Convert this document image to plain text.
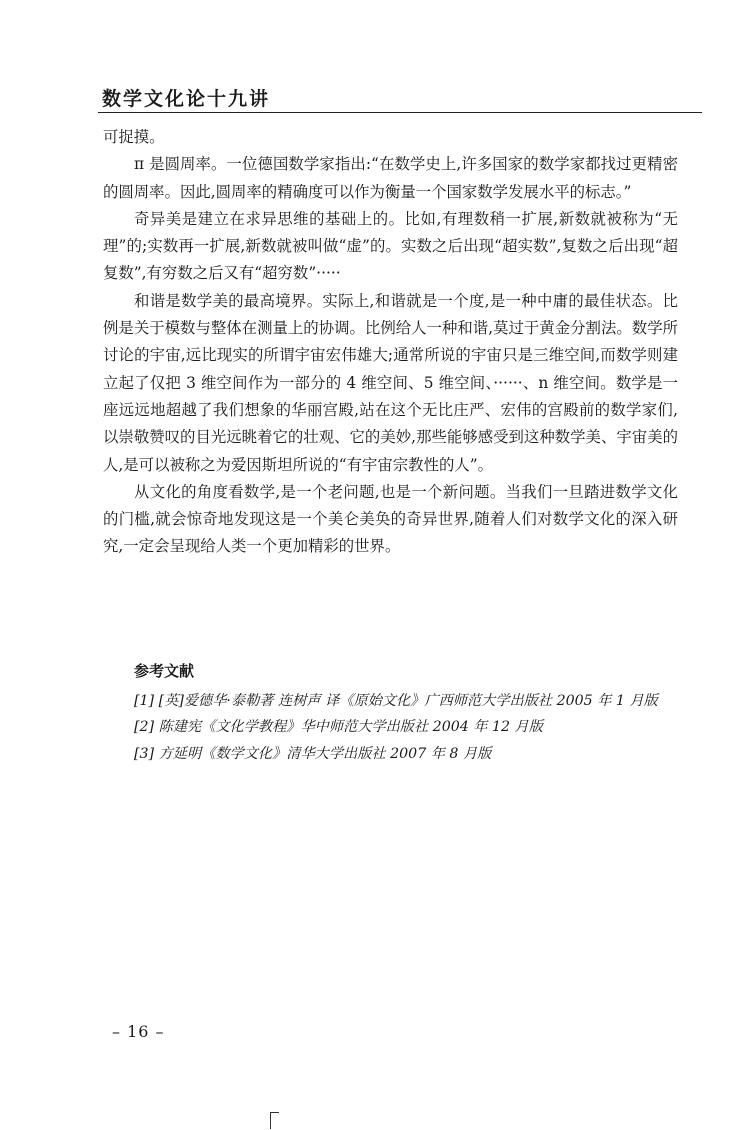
数学文化论十九讲

可捉摸。

π 是圆周率。一位德国数学家指出:“在数学史上,许多国家的数学家都找过更精密的圆周率。因此,圆周率的精确度可以作为衡量一个国家数学发展水平的标志。”

奇异美是建立在求异思维的基础上的。比如,有理数稍一扩展,新数就被称为“无理”的;实数再一扩展,新数就被叫做“虚”的。实数之后出现“超实数”,复数之后出现“超复数”,有穷数之后又有“超穷数”·····

和谐是数学美的最高境界。实际上,和谐就是一个度,是一种中庸的最佳状态。比例是关于模数与整体在测量上的协调。比例给人一种和谐,莫过于黄金分割法。数学所讨论的宇宙,远比现实的所谓宇宙宏伟雄大;通常所说的宇宙只是三维空间,而数学则建立起了仅把 3 维空间作为一部分的 4 维空间、5 维空间、······、n 维空间。数学是一座远远地超越了我们想象的华丽宫殿,站在这个无比庄严、宏伟的宫殿前的数学家们,以崇敬赞叹的目光远眺着它的壮观、它的美妙,那些能够感受到这种数学美、宇宙美的人,是可以被称之为爱因斯坦所说的“有宇宙宗教性的人”。

从文化的角度看数学,是一个老问题,也是一个新问题。当我们一旦踏进数学文化的门槛,就会惊奇地发现这是一个美仑美奂的奇异世界,随着人们对数学文化的深入研究,一定会呈现给人类一个更加精彩的世界。

参考文献
[1] [英]爱德华·泰勒著 连树声 译《原始文化》广西师范大学出版社 2005 年 1 月版
[2] 陈建宪《文化学教程》华中师范大学出版社 2004 年 12 月版
[3] 方延明《数学文化》清华大学出版社 2007 年 8 月版
– 16 –
